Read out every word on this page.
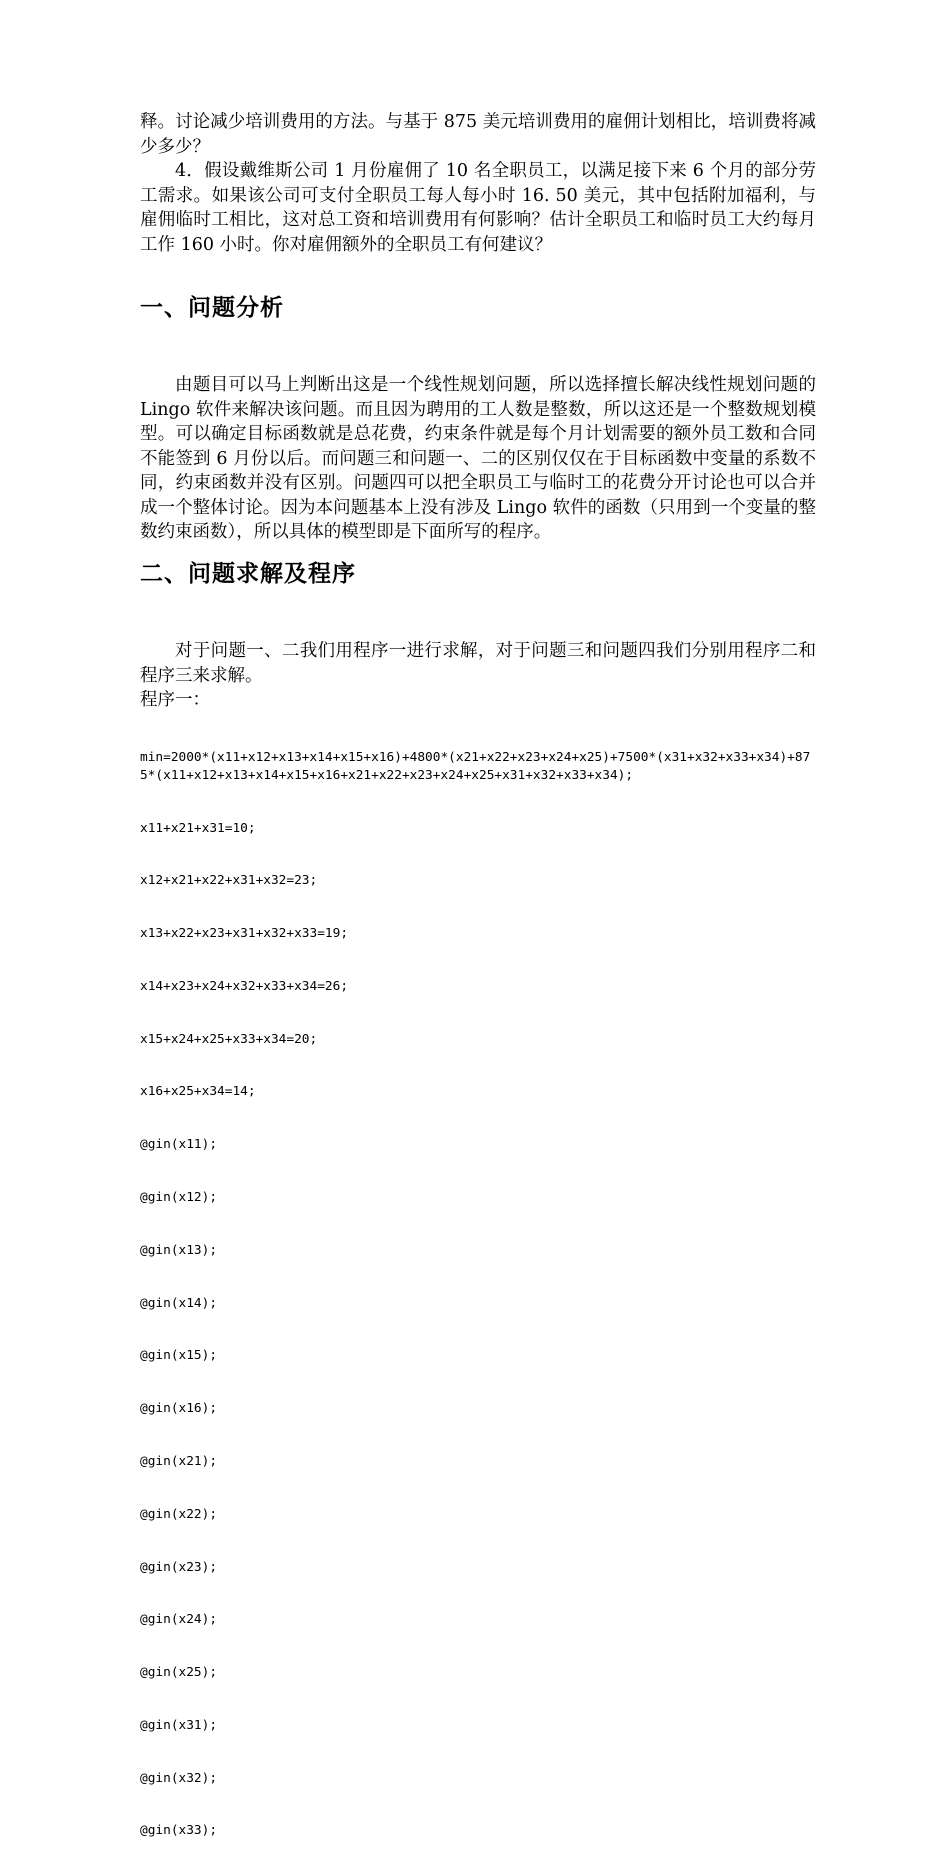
释。讨论减少培训费用的方法。与基于 875 美元培训费用的雇佣计划相比，培训费将减少多少？
4．假设戴维斯公司 1 月份雇佣了 10 名全职员工，以满足接下来 6 个月的部分劳工需求。如果该公司可支付全职员工每人每小时 16. 50 美元，其中包括附加福利，与雇佣临时工相比，这对总工资和培训费用有何影响？估计全职员工和临时员工大约每月工作 160 小时。你对雇佣额外的全职员工有何建议？
一、问题分析
由题目可以马上判断出这是一个线性规划问题，所以选择擅长解决线性规划问题的 Lingo 软件来解决该问题。而且因为聘用的工人数是整数，所以这还是一个整数规划模型。可以确定目标函数就是总花费，约束条件就是每个月计划需要的额外员工数和合同不能签到 6 月份以后。而问题三和问题一、二的区别仅仅在于目标函数中变量的系数不同，约束函数并没有区别。问题四可以把全职员工与临时工的花费分开讨论也可以合并成一个整体讨论。因为本问题基本上没有涉及 Lingo 软件的函数（只用到一个变量的整数约束函数），所以具体的模型即是下面所写的程序。
二、问题求解及程序
对于问题一、二我们用程序一进行求解，对于问题三和问题四我们分别用程序二和程序三来求解。
程序一：

min=2000*(x11+x12+x13+x14+x15+x16)+4800*(x21+x22+x23+x24+x25)+7500*(x31+x32+x33+x34)+875*(x11+x12+x13+x14+x15+x16+x21+x22+x23+x24+x25+x31+x32+x33+x34);

x11+x21+x31=10;

x12+x21+x22+x31+x32=23;

x13+x22+x23+x31+x32+x33=19;

x14+x23+x24+x32+x33+x34=26;

x15+x24+x25+x33+x34=20;

x16+x25+x34=14;

@gin(x11);

@gin(x12);

@gin(x13);

@gin(x14);

@gin(x15);

@gin(x16);

@gin(x21);

@gin(x22);

@gin(x23);

@gin(x24);

@gin(x25);

@gin(x31);

@gin(x32);

@gin(x33);
